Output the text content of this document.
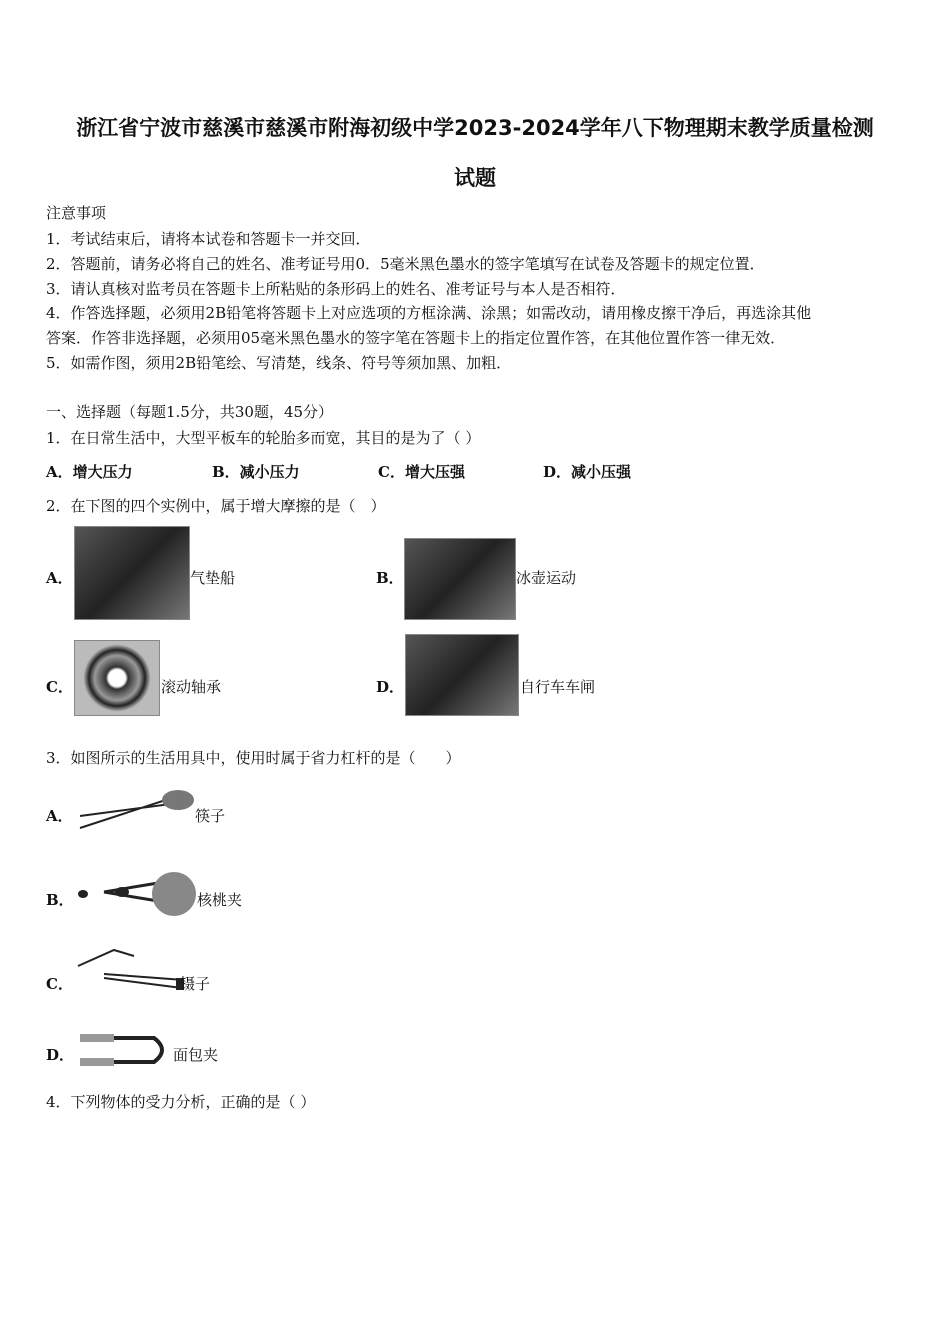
浙江省宁波市慈溪市慈溪市附海初级中学2023-2024学年八下物理期末教学质量检测
试题
注意事项
1．考试结束后，请将本试卷和答题卡一并交回．
2．答题前，请务必将自己的姓名、准考证号用0．5毫米黑色墨水的签字笔填写在试卷及答题卡的规定位置．
3．请认真核对监考员在答题卡上所粘贴的条形码上的姓名、准考证号与本人是否相符．
4．作答选择题，必须用2B铅笔将答题卡上对应选项的方框涂满、涂黑；如需改动，请用橡皮擦干净后，再选涂其他
答案．作答非选择题，必须用05毫米黑色墨水的签字笔在答题卡上的指定位置作答，在其他位置作答一律无效．
5．如需作图，须用2B铅笔绘、写清楚，线条、符号等须加黑、加粗．
一、选择题（每题1.5分，共30题，45分）
1．在日常生活中，大型平板车的轮胎多而宽，其目的是为了（ ）
A．增大压力	B．减小压力	C．增大压强	D．减小压强
2．在下图的四个实例中，属于增大摩擦的是（　）
A．	气垫船	B．	冰壶运动
C．	滚动轴承	D．	自行车车闸
3．如图所示的生活用具中，使用时属于省力杠杆的是（　　）
A．	筷子
B．	核桃夹
C．	镊子
D．	面包夹
4．下列物体的受力分析，正确的是（ ）
